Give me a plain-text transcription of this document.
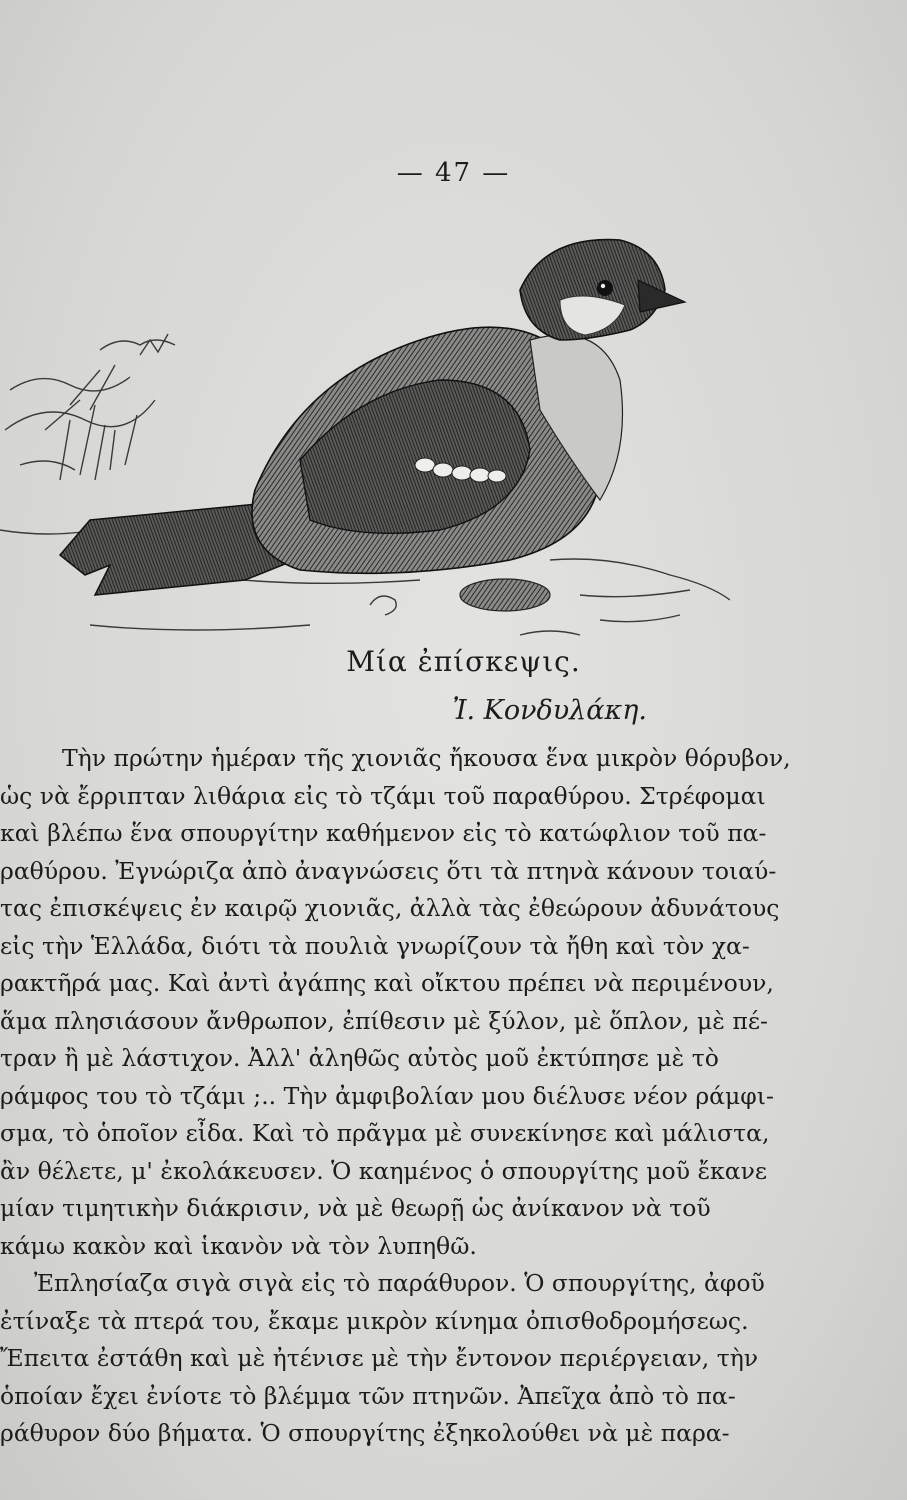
— 47 —
Μία ἐπίσκεψις.
Ἰ. Κονδυλάκη.
Τὴν πρώτην ἡμέραν τῆς χιονιᾶς ἤκουσα ἕνα μικρὸν θόρυβον,
ὡς νὰ ἔρριπταν λιθάρια εἰς τὸ τζάμι τοῦ παραθύρου. Στρέφομαι
καὶ βλέπω ἕνα σπουργίτην καθήμενον εἰς τὸ κατώφλιον τοῦ πα-
ραθύρου. Ἐγνώριζα ἀπὸ ἀναγνώσεις ὅτι τὰ πτηνὰ κάνουν τοιαύ-
τας ἐπισκέψεις ἐν καιρῷ χιονιᾶς, ἀλλὰ τὰς ἐθεώρουν ἀδυνάτους
εἰς τὴν Ἑλλάδα, διότι τὰ πουλιὰ γνωρίζουν τὰ ἤθη καὶ τὸν χα-
ρακτῆρά μας. Καὶ ἀντὶ ἀγάπης καὶ οἴκτου πρέπει νὰ περιμένουν,
ἅμα πλησιάσουν ἄνθρωπον, ἐπίθεσιν μὲ ξύλον, μὲ ὅπλον, μὲ πέ-
τραν ἢ μὲ λάστιχον. Ἀλλ' ἀληθῶς αὐτὸς μοῦ ἐκτύπησε μὲ τὸ
ράμφος του τὸ τζάμι ;.. Τὴν ἀμφιβολίαν μου διέλυσε νέον ράμφι-
σμα, τὸ ὁποῖον εἶδα. Καὶ τὸ πρᾶγμα μὲ συνεκίνησε καὶ μάλιστα,
ἂν θέλετε, μ' ἐκολάκευσεν. Ὁ καημένος ὁ σπουργίτης μοῦ ἔκανε
μίαν τιμητικὴν διάκρισιν, νὰ μὲ θεωρῇ ὡς ἀνίκανον νὰ τοῦ
κάμω κακὸν καὶ ἱκανὸν νὰ τὸν λυπηθῶ.
Ἐπλησίαζα σιγὰ σιγὰ εἰς τὸ παράθυρον. Ὁ σπουργίτης, ἀφοῦ
ἐτίναξε τὰ πτερά του, ἔκαμε μικρὸν κίνημα ὀπισθοδρομήσεως.
Ἔπειτα ἐστάθη καὶ μὲ ἠτένισε μὲ τὴν ἔντονον περιέργειαν, τὴν
ὁποίαν ἔχει ἐνίοτε τὸ βλέμμα τῶν πτηνῶν. Ἀπεῖχα ἀπὸ τὸ πα-
ράθυρον δύο βήματα. Ὁ σπουργίτης ἐξηκολούθει νὰ μὲ παρα-
